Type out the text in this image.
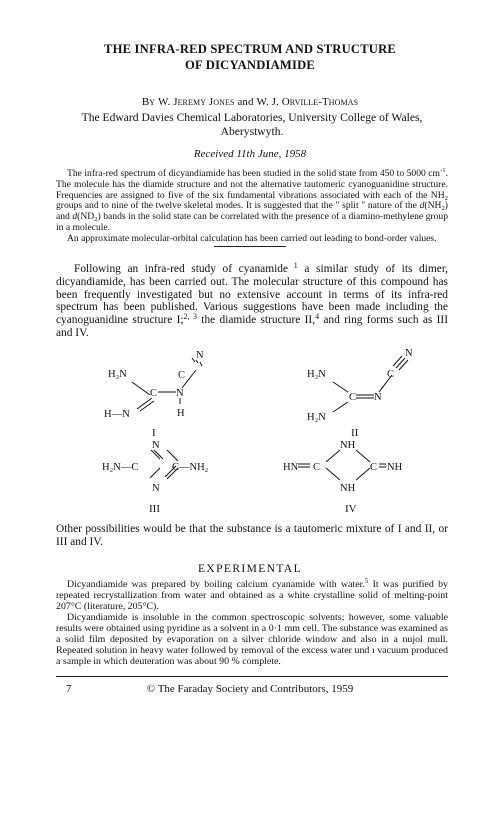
THE INFRA-RED SPECTRUM AND STRUCTURE
OF DICYANDIAMIDE
By W. Jeremy Jones and W. J. Orville-Thomas
The Edward Davies Chemical Laboratories, University College of Wales, Aberystwyth.
Received 11th June, 1958

The infra-red spectrum of dicyandiamide has been studied in the solid state from 450 to 5000 $cm^{-1}$. The molecule has the diamide structure and not the alternative tautomeric cyanoguanidine structure. Frequencies are assigned to five of the six fundamental vibrations associated with each of the $NH_2$ groups and to nine of the twelve skeletal modes. It is suggested that the " split " nature of the $d(NH_2)$ and $d(ND_2)$ bands in the solid state can be correlated with the presence of a diamino-methylene group in a molecule.

An approximate molecular-orbital calculation has been carried out leading to bond-order values.

Following an infra-red study of cyanamide $^1$ a similar study of its dimer, dicyandiamide, has been carried out. The molecular structure of this compound has been frequently investigated but no extensive account in terms of its infra-red spectrum has been published. Various suggestions have been made including the cyanoguanidine structure I;$^{2, 3}$ the diamide structure II,$^4$ and ring forms such as III and IV.

H₂N
C N
N
C
H—N	H
I
H₂N
H₂N
C N
C
N
II
N
H₂N—C	C—NH₂
N
III
NH
HN C	C NH
NH
IV
Other possibilities would be that the substance is a tautomeric mixture of I and II, or III and IV.
EXPERIMENTAL

Dicyandiamide was prepared by boiling calcium cyanamide with water.$^5$ It was purified by repeated recrystallization from water and obtained as a white crystalline solid of melting-point 207°C (literature, 205°C).

Dicyandiamide is insoluble in the common spectroscopic solvents; however, some valuable results were obtained using pyridine as a solvent in a 0·1 mm cell. The substance was examined as a solid film deposited by evaporation on a silver chloride window and also in a nujol mull. Repeated solution in heavy water followed by removal of the excess water und ı vacuum produced a sample in which deuteration was about 90 % complete.

7	© The Faraday Society and Contributors, 1959
